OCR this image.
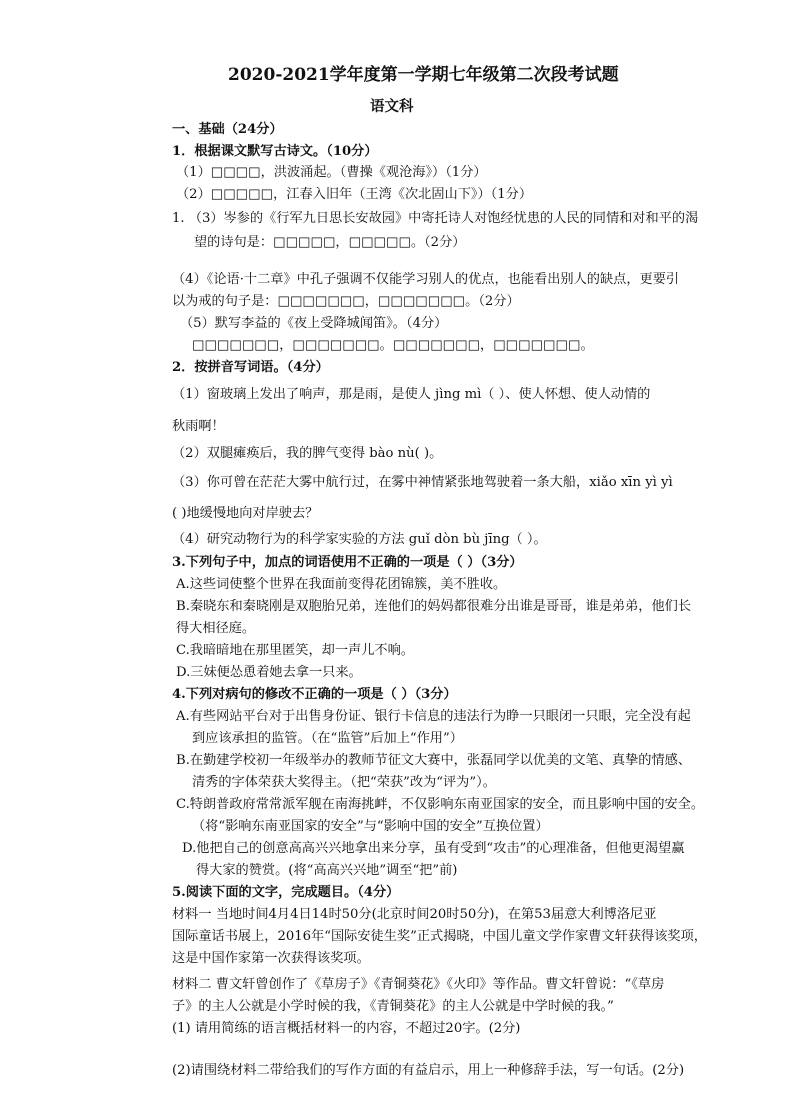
2020-2021学年度第一学期七年级第二次段考试题
语文科
一、基础（24分）
1．根据课文默写古诗文。（10分）
（1）□□□□，洪波涌起。（曹操《观沧海》）（1分）
（2）□□□□□，江春入旧年（王湾《次北固山下》）（1分）
1. （3）岑参的《行军九日思长安故园》中寄托诗人对饱经忧患的人民的同情和对和平的渴
望的诗句是：□□□□□，□□□□□。（2分）
（4）《论语·十二章》中孔子强调不仅能学习别人的优点，也能看出别人的缺点，更要引
以为戒的句子是：□□□□□□□，□□□□□□□。（2分）
（5）默写李益的《夜上受降城闻笛》。（4分）
□□□□□□□，□□□□□□□。□□□□□□□，□□□□□□□。
2．按拼音写词语。（4分）
（1）窗玻璃上发出了响声，那是雨，是使人 jìng mì（ ）、使人怀想、使人动情的
秋雨啊！
（2）双腿瘫痪后，我的脾气变得 bào nù( )。
（3）你可曾在茫茫大雾中航行过，在雾中神情紧张地驾驶着一条大船，xiǎo xīn yì yì
( )地缓慢地向对岸驶去？
（4）研究动物行为的科学家实验的方法 guǐ dòn bù jīng（ ）。
3.下列句子中，加点的词语使用不正确的一项是（ ）（3分）
A.这些词使整个世界在我面前变得花团锦簇，美不胜收。
B.秦晓东和秦晓刚是双胞胎兄弟，连他们的妈妈都很难分出谁是哥哥，谁是弟弟，他们长
得大相径庭。
C.我暗暗地在那里匿笑，却一声儿不响。
D.三妹便怂恿着她去拿一只来。
4.下列对病句的修改不正确的一项是（ ）（3分）
A.有些网站平台对于出售身份证、银行卡信息的违法行为睁一只眼闭一只眼，完全没有起
到应该承担的监管。（在“监管”后加上“作用”）
B.在勤建学校初一年级举办的教师节征文大赛中，张磊同学以优美的文笔、真挚的情感、
清秀的字体荣获大奖得主。（把“荣获”改为“评为”）。
C.特朗普政府常常派军舰在南海挑衅，不仅影响东南亚国家的安全，而且影响中国的安全。
（将“影响东南亚国家的安全”与“影响中国的安全”互换位置）
D.他把自己的创意高高兴兴地拿出来分享，虽有受到“攻击”的心理准备，但他更渴望赢
得大家的赞赏。(将“高高兴兴地”调至“把”前)
5.阅读下面的文字，完成题目。（4分）
材料一 当地时间4月4日14时50分(北京时间20时50分)，在第53届意大利博洛尼亚
国际童话书展上，2016年“国际安徒生奖”正式揭晓，中国儿童文学作家曹文轩获得该奖项，
这是中国作家第一次获得该奖项。
材料二 曹文轩曾创作了《草房子》《青铜葵花》《火印》等作品。曹文轩曾说：“《草房
子》的主人公就是小学时候的我，《青铜葵花》的主人公就是中学时候的我。”
(1) 请用简练的语言概括材料一的内容，不超过20字。(2分)
(2)请围绕材料二带给我们的写作方面的有益启示，用上一种修辞手法，写一句话。(2分)
